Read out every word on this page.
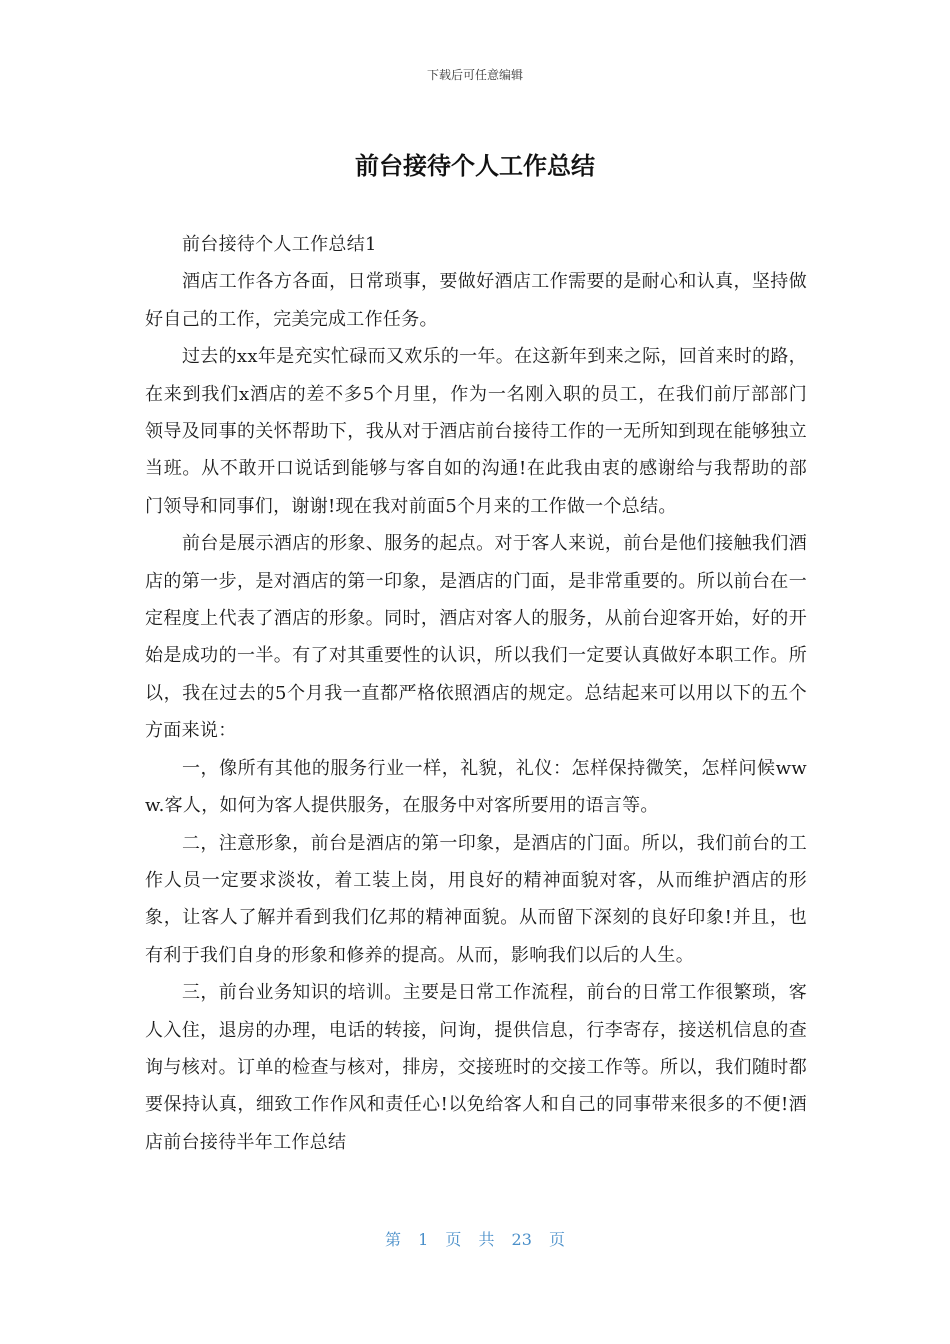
下载后可任意编辑
前台接待个人工作总结

前台接待个人工作总结1

酒店工作各方各面，日常琐事，要做好酒店工作需要的是耐心和认真，坚持做好自己的工作，完美完成工作任务。

过去的xx年是充实忙碌而又欢乐的一年。在这新年到来之际，回首来时的路，在来到我们x酒店的差不多5个月里，作为一名刚入职的员工，在我们前厅部部门领导及同事的关怀帮助下，我从对于酒店前台接待工作的一无所知到现在能够独立当班。从不敢开口说话到能够与客自如的沟通!在此我由衷的感谢给与我帮助的部门领导和同事们，谢谢!现在我对前面5个月来的工作做一个总结。

前台是展示酒店的形象、服务的起点。对于客人来说，前台是他们接触我们酒店的第一步，是对酒店的第一印象，是酒店的门面，是非常重要的。所以前台在一定程度上代表了酒店的形象。同时，酒店对客人的服务，从前台迎客开始，好的开始是成功的一半。有了对其重要性的认识，所以我们一定要认真做好本职工作。所以，我在过去的5个月我一直都严格依照酒店的规定。总结起来可以用以下的五个方面来说：

一，像所有其他的服务行业一样，礼貌，礼仪：怎样保持微笑，怎样问候www.客人，如何为客人提供服务，在服务中对客所要用的语言等。

二，注意形象，前台是酒店的第一印象，是酒店的门面。所以，我们前台的工作人员一定要求淡妆，着工装上岗，用良好的精神面貌对客，从而维护酒店的形象，让客人了解并看到我们亿邦的精神面貌。从而留下深刻的良好印象!并且，也有利于我们自身的形象和修养的提高。从而，影响我们以后的人生。

三，前台业务知识的培训。主要是日常工作流程，前台的日常工作很繁琐，客人入住，退房的办理，电话的转接，问询，提供信息，行李寄存，接送机信息的查询与核对。订单的检查与核对，排房，交接班时的交接工作等。所以，我们随时都要保持认真，细致工作作风和责任心!以免给客人和自己的同事带来很多的不便!酒店前台接待半年工作总结

第 1 页 共 23 页
